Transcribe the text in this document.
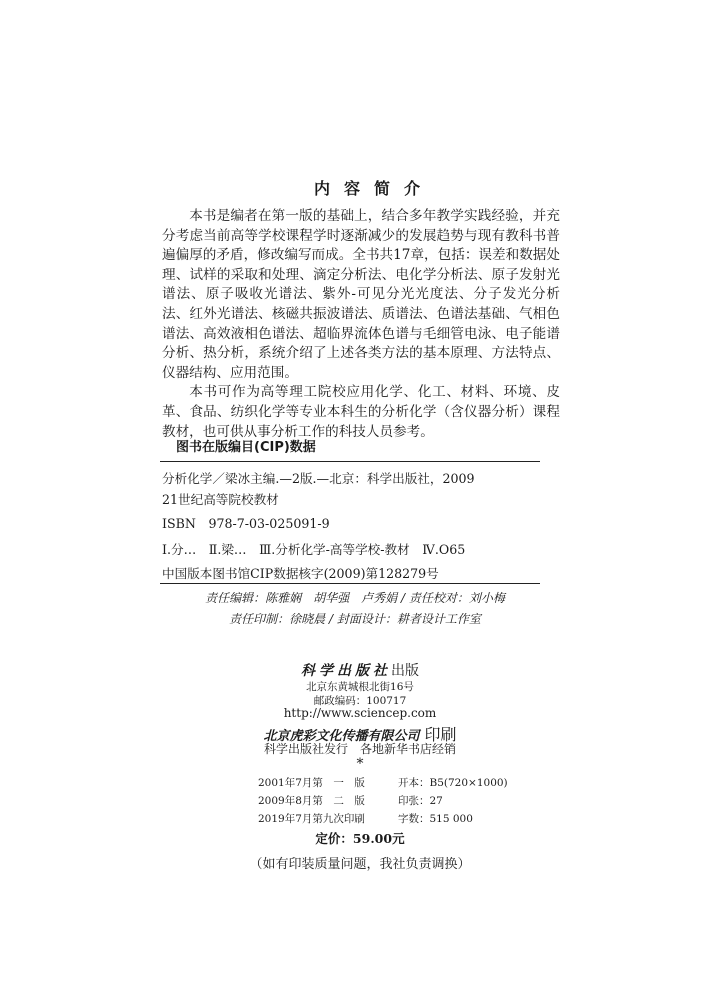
内容简介

本书是编者在第一版的基础上，结合多年教学实践经验，并充分考虑当前高等学校课程学时逐渐减少的发展趋势与现有教科书普遍偏厚的矛盾，修改编写而成。全书共17章，包括：误差和数据处理、试样的采取和处理、滴定分析法、电化学分析法、原子发射光谱法、原子吸收光谱法、紫外-可见分光光度法、分子发光分析法、红外光谱法、核磁共振波谱法、质谱法、色谱法基础、气相色谱法、高效液相色谱法、超临界流体色谱与毛细管电泳、电子能谱分析、热分析，系统介绍了上述各类方法的基本原理、方法特点、仪器结构、应用范围。

本书可作为高等理工院校应用化学、化工、材料、环境、皮革、食品、纺织化学等专业本科生的分析化学（含仪器分析）课程教材，也可供从事分析工作的科技人员参考。

图书在版编目(CIP)数据
分析化学／梁冰主编.—2版.—北京：科学出版社，2009
21世纪高等院校教材
ISBN　978-7-03-025091-9
Ⅰ.分…　Ⅱ.梁…　Ⅲ.分析化学-高等学校-教材　Ⅳ.O65
中国版本图书馆CIP数据核字(2009)第128279号
责任编辑：陈雅娴　胡华强　卢秀娟 / 责任校对：刘小梅
责任印制：徐晓晨 / 封面设计：耕者设计工作室
科学出版社出版
北京东黄城根北街16号
邮政编码：100717
http://www.sciencep.com
北京虎彩文化传播有限公司 印刷
科学出版社发行　各地新华书店经销
*
2001年7月第　一　版	开本：B5(720×1000)
2009年8月第　二　版	印张：27
2019年7月第九次印刷	字数：515 000
定价：59.00元
（如有印装质量问题，我社负责调换）
